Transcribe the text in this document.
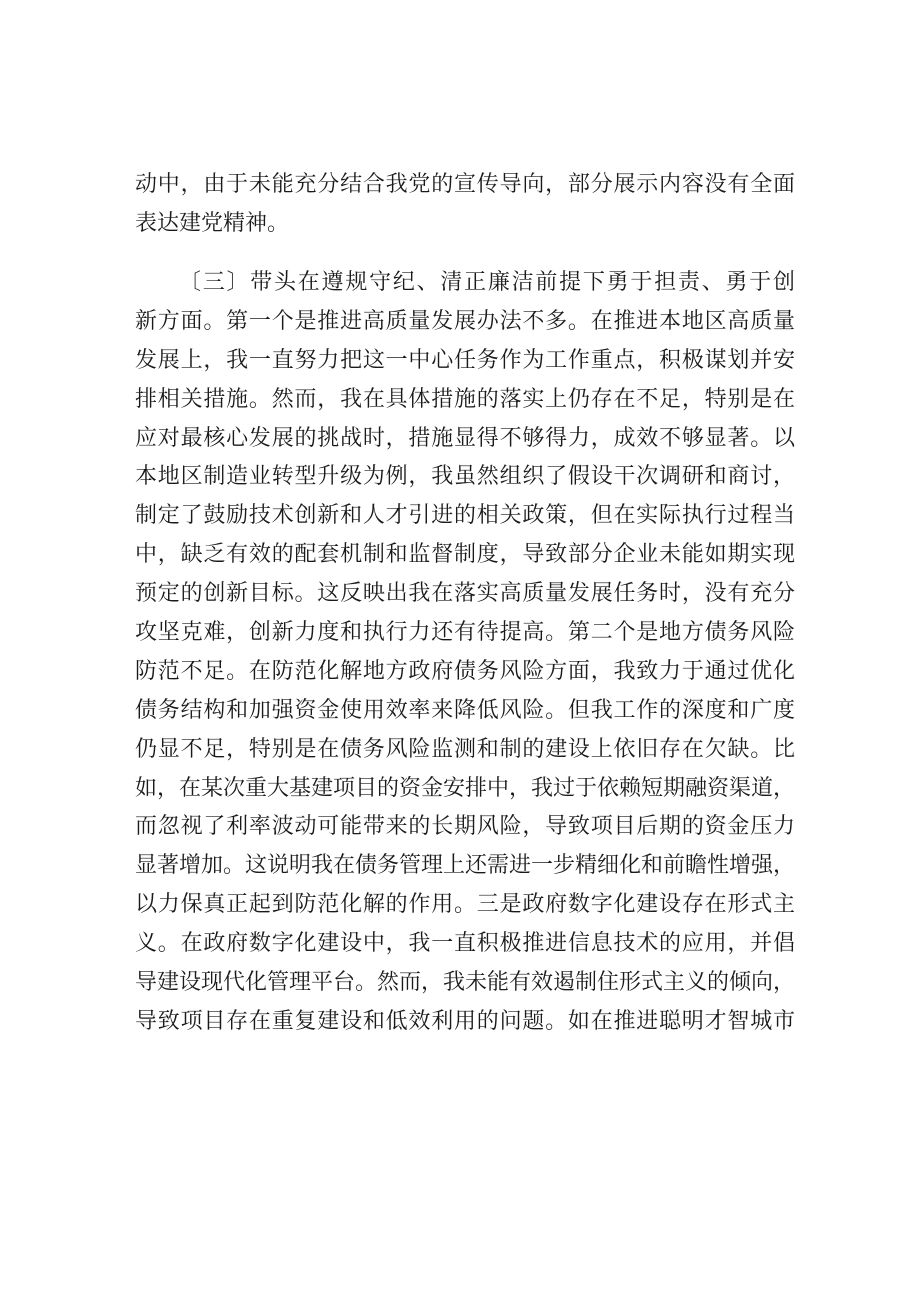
动中，由于未能充分结合我党的宣传导向，部分展示内容没有全面
表达建党精神。
〔三〕带头在遵规守纪、清正廉洁前提下勇于担责、勇于创
新方面。第一个是推进高质量发展办法不多。在推进本地区高质量
发展上，我一直努力把这一中心任务作为工作重点，积极谋划并安
排相关措施。然而，我在具体措施的落实上仍存在不足，特别是在
应对最核心发展的挑战时，措施显得不够得力，成效不够显著。以
本地区制造业转型升级为例，我虽然组织了假设干次调研和商讨，
制定了鼓励技术创新和人才引进的相关政策，但在实际执行过程当
中，缺乏有效的配套机制和监督制度，导致部分企业未能如期实现
预定的创新目标。这反映出我在落实高质量发展任务时，没有充分
攻坚克难，创新力度和执行力还有待提高。第二个是地方债务风险
防范不足。在防范化解地方政府债务风险方面，我致力于通过优化
债务结构和加强资金使用效率来降低风险。但我工作的深度和广度
仍显不足，特别是在债务风险监测和制的建设上依旧存在欠缺。比
如，在某次重大基建项目的资金安排中，我过于依赖短期融资渠道，
而忽视了利率波动可能带来的长期风险，导致项目后期的资金压力
显著增加。这说明我在债务管理上还需进一步精细化和前瞻性增强，
以力保真正起到防范化解的作用。三是政府数字化建设存在形式主
义。在政府数字化建设中，我一直积极推进信息技术的应用，并倡
导建设现代化管理平台。然而，我未能有效遏制住形式主义的倾向，
导致项目存在重复建设和低效利用的问题。如在推进聪明才智城市
